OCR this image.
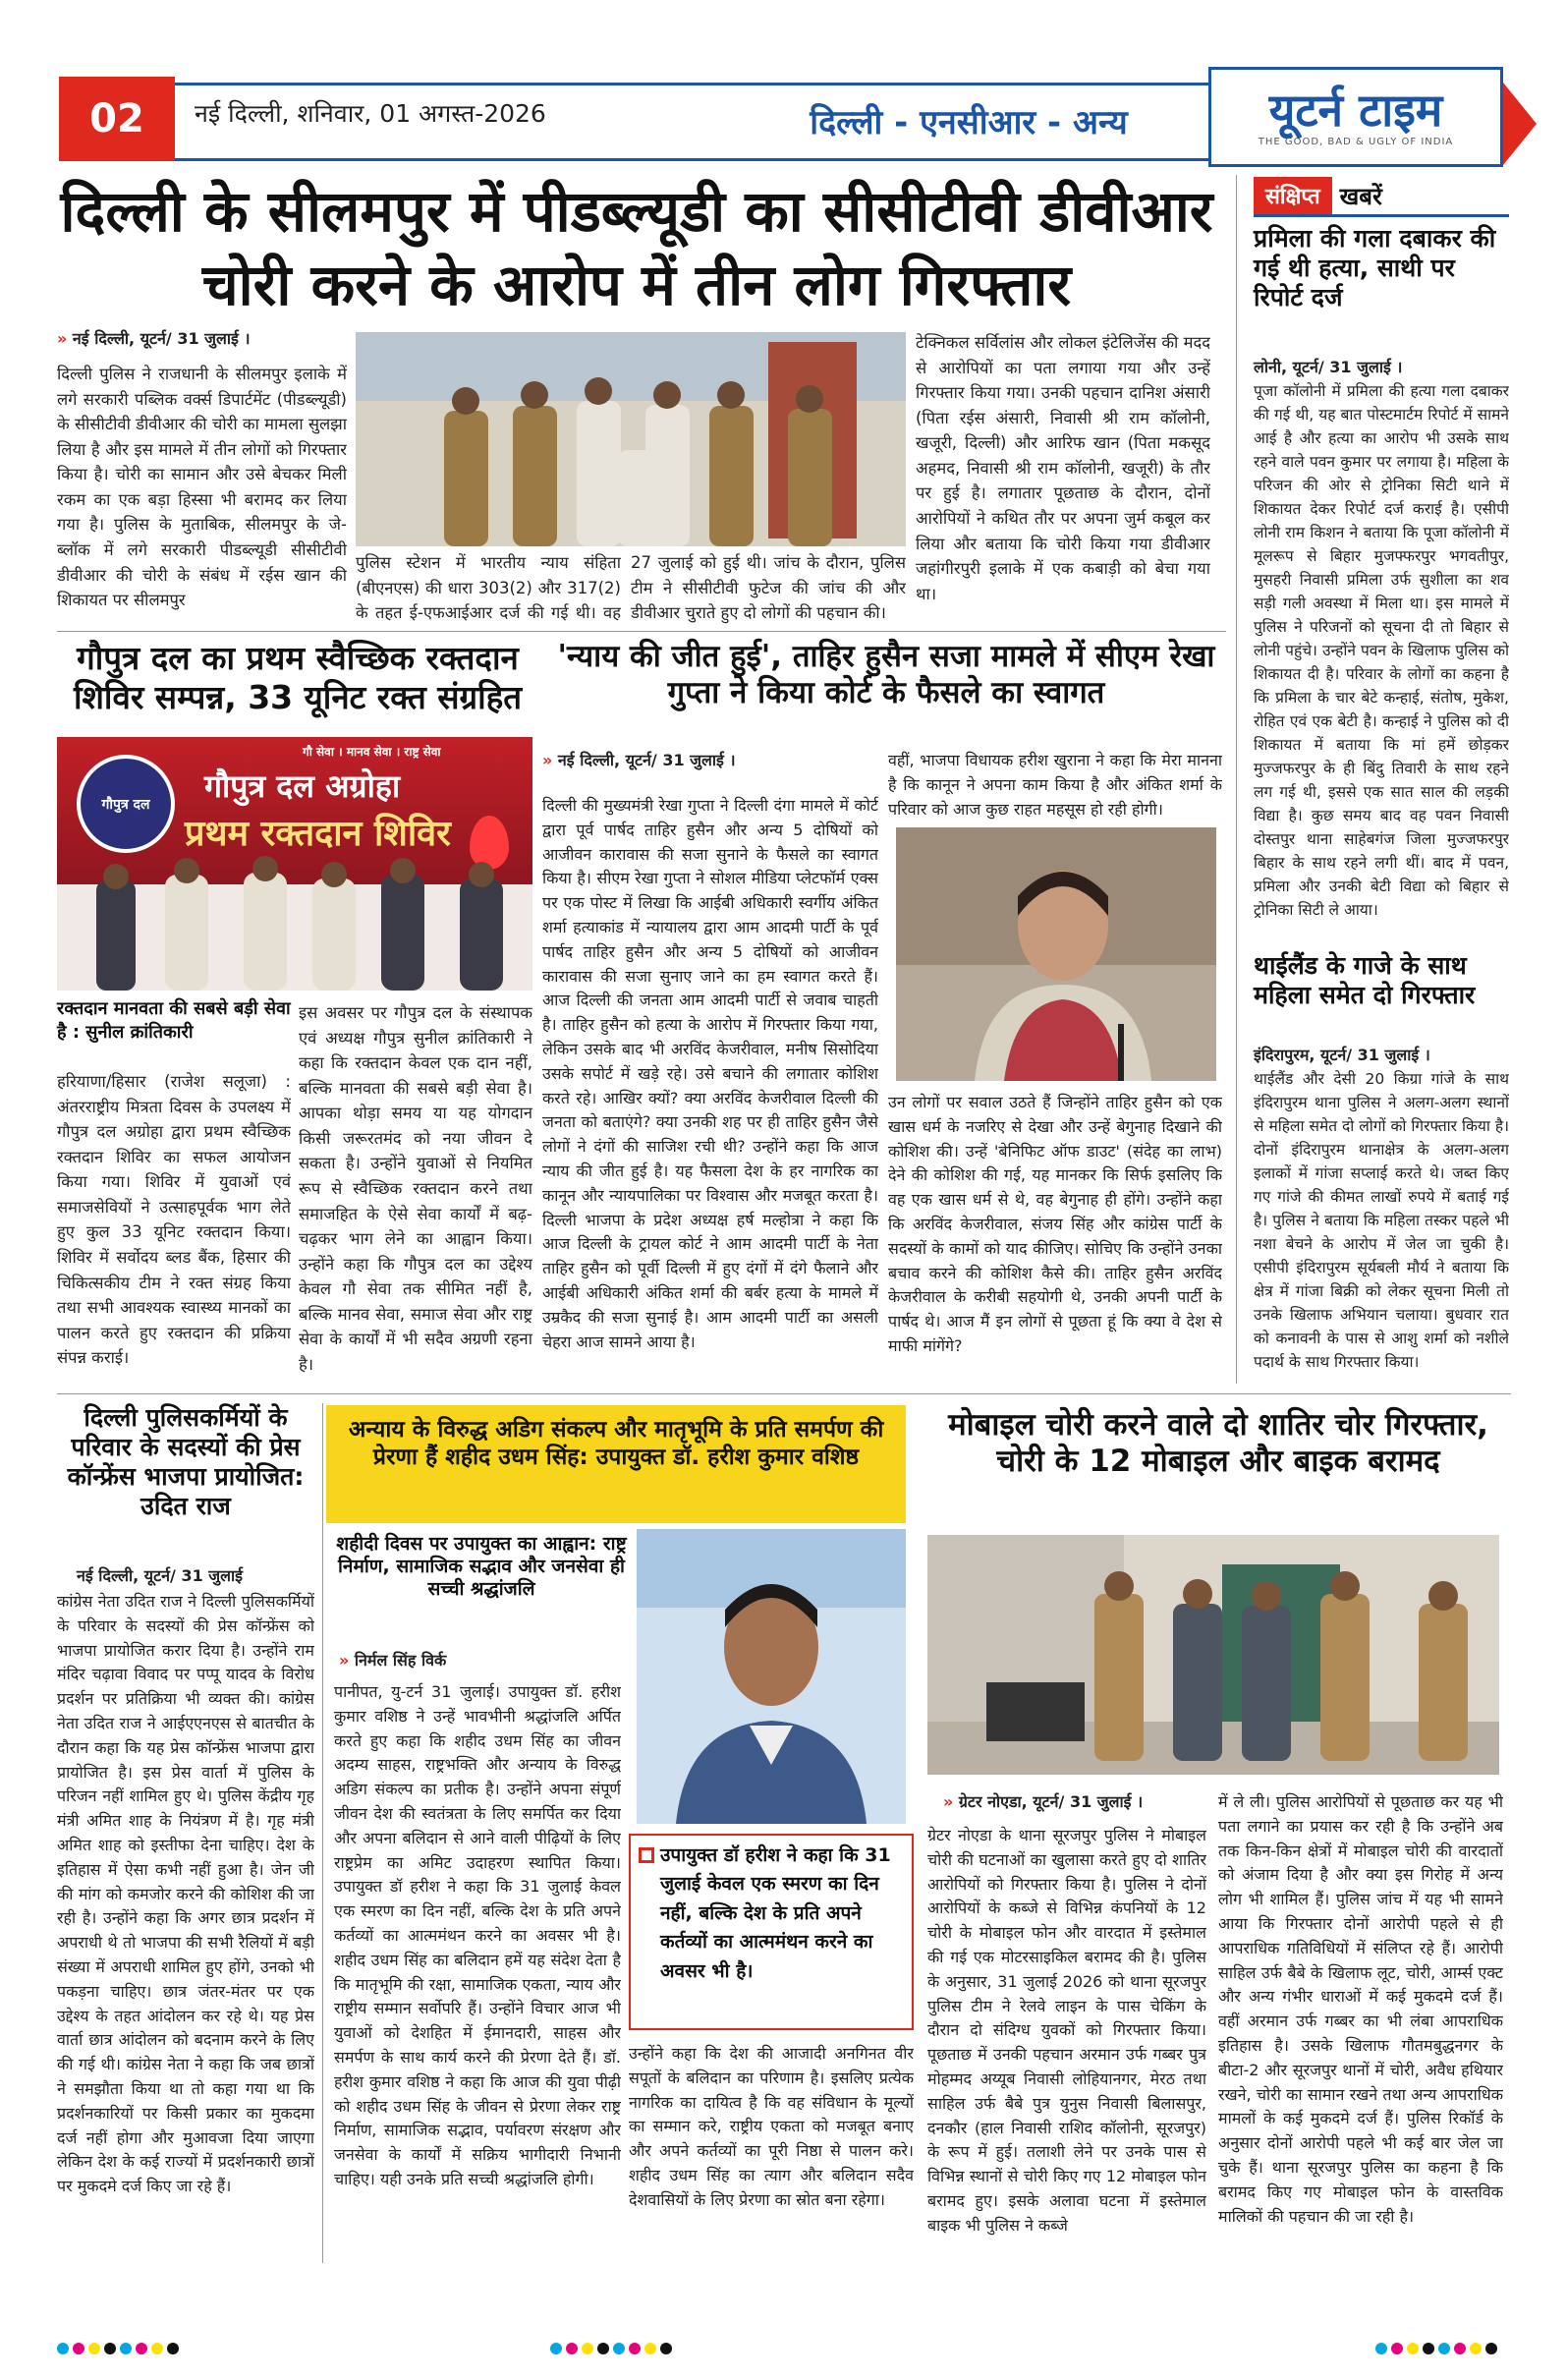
02	नई दिल्ली, शनिवार, 01 अगस्त-2026	दिल्ली - एनसीआर - अन्य	यूटर्न टाइम
THE GOOD, BAD & UGLY OF INDIA
दिल्ली के सीलमपुर में पीडब्ल्यूडी का सीसीटीवी डीवीआर चोरी करने के आरोप में तीन लोग गिरफ्तार
» नई दिल्ली, यूटर्न/ 31 जुलाई ।
दिल्ली पुलिस ने राजधानी के सीलमपुर इलाके में लगे सरकारी पब्लिक वर्क्स डिपार्टमेंट (पीडब्ल्यूडी) के सीसीटीवी डीवीआर की चोरी का मामला सुलझा लिया है और इस मामले में तीन लोगों को गिरफ्तार किया है। चोरी का सामान और उसे बेचकर मिली रकम का एक बड़ा हिस्सा भी बरामद कर लिया गया है। पुलिस के मुताबिक, सीलमपुर के जे-ब्लॉक में लगे सरकारी पीडब्ल्यूडी सीसीटीवी डीवीआर की चोरी के संबंध में रईस खान की शिकायत पर सीलमपुर
पुलिस स्टेशन में भारतीय न्याय संहिता (बीएनएस) की धारा 303(2) और 317(2) के तहत ई-एफआईआर दर्ज की गई थी। वह
27 जुलाई को हुई थी। जांच के दौरान, पुलिस टीम ने सीसीटीवी फुटेज की जांच की और डीवीआर चुराते हुए दो लोगों की पहचान की।
टेक्निकल सर्विलांस और लोकल इंटेलिजेंस की मदद से आरोपियों का पता लगाया गया और उन्हें गिरफ्तार किया गया। उनकी पहचान दानिश अंसारी (पिता रईस अंसारी, निवासी श्री राम कॉलोनी, खजूरी, दिल्ली) और आरिफ खान (पिता मकसूद अहमद, निवासी श्री राम कॉलोनी, खजूरी) के तौर पर हुई है। लगातार पूछताछ के दौरान, दोनों आरोपियों ने कथित तौर पर अपना जुर्म कबूल कर लिया और बताया कि चोरी किया गया डीवीआर जहांगीरपुरी इलाके में एक कबाड़ी को बेचा गया था।
संक्षिप्त खबरें
प्रमिला की गला दबाकर की गई थी हत्या, साथी पर रिपोर्ट दर्ज
लोनी, यूटर्न/ 31 जुलाई ।
पूजा कॉलोनी में प्रमिला की हत्या गला दबाकर की गई थी, यह बात पोस्टमार्टम रिपोर्ट में सामने आई है और हत्या का आरोप भी उसके साथ रहने वाले पवन कुमार पर लगाया है। महिला के परिजन की ओर से ट्रोनिका सिटी थाने में शिकायत देकर रिपोर्ट दर्ज कराई है। एसीपी लोनी राम किशन ने बताया कि पूजा कॉलोनी में मूलरूप से बिहार मुजफ्फरपुर भगवतीपुर, मुसहरी निवासी प्रमिला उर्फ सुशीला का शव सड़ी गली अवस्था में मिला था। इस मामले में पुलिस ने परिजनों को सूचना दी तो बिहार से लोनी पहुंचे। उन्होंने पवन के खिलाफ पुलिस को शिकायत दी है। परिवार के लोगों का कहना है कि प्रमिला के चार बेटे कन्हाई, संतोष, मुकेश, रोहित एवं एक बेटी है। कन्हाई ने पुलिस को दी शिकायत में बताया कि मां हमें छोड़कर मुज्जफरपुर के ही बिंदु तिवारी के साथ रहने लग गई थी, इससे एक सात साल की लड़की विद्या है। कुछ समय बाद वह पवन निवासी दोस्तपुर थाना साहेबगंज जिला मुज्जफरपुर बिहार के साथ रहने लगी थीं। बाद में पवन, प्रमिला और उनकी बेटी विद्या को बिहार से ट्रोनिका सिटी ले आया।
थाईलैंड के गाजे के साथ महिला समेत दो गिरफ्तार
इंदिरापुरम, यूटर्न/ 31 जुलाई ।
थाईलैंड और देसी 20 किग्रा गांजे के साथ इंदिरापुरम थाना पुलिस ने अलग-अलग स्थानों से महिला समेत दो लोगों को गिरफ्तार किया है। दोनों इंदिरापुरम थानाक्षेत्र के अलग-अलग इलाकों में गांजा सप्लाई करते थे। जब्त किए गए गांजे की कीमत लाखों रुपये में बताई गई है। पुलिस ने बताया कि महिला तस्कर पहले भी नशा बेचने के आरोप में जेल जा चुकी है। एसीपी इंदिरापुरम सूर्यबली मौर्य ने बताया कि क्षेत्र में गांजा बिक्री को लेकर सूचना मिली तो उनके खिलाफ अभियान चलाया। बुधवार रात को कनावनी के पास से आशु शर्मा को नशीले पदार्थ के साथ गिरफ्तार किया।
गौपुत्र दल का प्रथम स्वैच्छिक रक्तदान शिविर सम्पन्न, 33 यूनिट रक्त संग्रहित
गौपुत्र दल
गौ सेवा । मानव सेवा । राष्ट्र सेवा
गौपुत्र दल अग्रोहा
प्रथम रक्तदान शिविर
रक्तदान मानवता की सबसे बड़ी सेवा है : सुनील क्रांतिकारी
हरियाणा/हिसार (राजेश सलूजा) : अंतरराष्ट्रीय मित्रता दिवस के उपलक्ष्य में गौपुत्र दल अग्रोहा द्वारा प्रथम स्वैच्छिक रक्तदान शिविर का सफल आयोजन किया गया। शिविर में युवाओं एवं समाजसेवियों ने उत्साहपूर्वक भाग लेते हुए कुल 33 यूनिट रक्तदान किया। शिविर में सर्वोदय ब्लड बैंक, हिसार की चिकित्सकीय टीम ने रक्त संग्रह किया तथा सभी आवश्यक स्वास्थ्य मानकों का पालन करते हुए रक्तदान की प्रक्रिया संपन्न कराई।
इस अवसर पर गौपुत्र दल के संस्थापक एवं अध्यक्ष गौपुत्र सुनील क्रांतिकारी ने कहा कि रक्तदान केवल एक दान नहीं, बल्कि मानवता की सबसे बड़ी सेवा है। आपका थोड़ा समय या यह योगदान किसी जरूरतमंद को नया जीवन दे सकता है। उन्होंने युवाओं से नियमित रूप से स्वैच्छिक रक्तदान करने तथा समाजहित के ऐसे सेवा कार्यों में बढ़-चढ़कर भाग लेने का आह्वान किया। उन्होंने कहा कि गौपुत्र दल का उद्देश्य केवल गौ सेवा तक सीमित नहीं है, बल्कि मानव सेवा, समाज सेवा और राष्ट्र सेवा के कार्यों में भी सदैव अग्रणी रहना है।
'न्याय की जीत हुई', ताहिर हुसैन सजा मामले में सीएम रेखा गुप्ता ने किया कोर्ट के फैसले का स्वागत
» नई दिल्ली, यूटर्न/ 31 जुलाई ।
दिल्ली की मुख्यमंत्री रेखा गुप्ता ने दिल्ली दंगा मामले में कोर्ट द्वारा पूर्व पार्षद ताहिर हुसैन और अन्य 5 दोषियों को आजीवन कारावास की सजा सुनाने के फैसले का स्वागत किया है। सीएम रेखा गुप्ता ने सोशल मीडिया प्लेटफॉर्म एक्स पर एक पोस्ट में लिखा कि आईबी अधिकारी स्वर्गीय अंकित शर्मा हत्याकांड में न्यायालय द्वारा आम आदमी पार्टी के पूर्व पार्षद ताहिर हुसैन और अन्य 5 दोषियों को आजीवन कारावास की सजा सुनाए जाने का हम स्वागत करते हैं। आज दिल्ली की जनता आम आदमी पार्टी से जवाब चाहती है। ताहिर हुसैन को हत्या के आरोप में गिरफ्तार किया गया, लेकिन उसके बाद भी अरविंद केजरीवाल, मनीष सिसोदिया उसके सपोर्ट में खड़े रहे। उसे बचाने की लगातार कोशिश करते रहे। आखिर क्यों? क्या अरविंद केजरीवाल दिल्ली की जनता को बताएंगे? क्या उनकी शह पर ही ताहिर हुसैन जैसे लोगों ने दंगों की साजिश रची थी? उन्होंने कहा कि आज न्याय की जीत हुई है। यह फैसला देश के हर नागरिक का कानून और न्यायपालिका पर विश्वास और मजबूत करता है। दिल्ली भाजपा के प्रदेश अध्यक्ष हर्ष मल्होत्रा ने कहा कि आज दिल्ली के ट्रायल कोर्ट ने आम आदमी पार्टी के नेता ताहिर हुसैन को पूर्वी दिल्ली में हुए दंगों में दंगे फैलाने और आईबी अधिकारी अंकित शर्मा की बर्बर हत्या के मामले में उम्रकैद की सजा सुनाई है। आम आदमी पार्टी का असली चेहरा आज सामने आया है।
वहीं, भाजपा विधायक हरीश खुराना ने कहा कि मेरा मानना है कि कानून ने अपना काम किया है और अंकित शर्मा के परिवार को आज कुछ राहत महसूस हो रही होगी।
उन लोगों पर सवाल उठते हैं जिन्होंने ताहिर हुसैन को एक खास धर्म के नजरिए से देखा और उन्हें बेगुनाह दिखाने की कोशिश की। उन्हें 'बेनिफिट ऑफ डाउट' (संदेह का लाभ) देने की कोशिश की गई, यह मानकर कि सिर्फ इसलिए कि वह एक खास धर्म से थे, वह बेगुनाह ही होंगे। उन्होंने कहा कि अरविंद केजरीवाल, संजय सिंह और कांग्रेस पार्टी के सदस्यों के कामों को याद कीजिए। सोचिए कि उन्होंने उनका बचाव करने की कोशिश कैसे की। ताहिर हुसैन अरविंद केजरीवाल के करीबी सहयोगी थे, उनकी अपनी पार्टी के पार्षद थे। आज मैं इन लोगों से पूछता हूं कि क्या वे देश से माफी मांगेंगे?
दिल्ली पुलिसकर्मियों के परिवार के सदस्यों की प्रेस कॉन्फ्रेंस भाजपा प्रायोजित: उदित राज
नई दिल्ली, यूटर्न/ 31 जुलाई
कांग्रेस नेता उदित राज ने दिल्ली पुलिसकर्मियों के परिवार के सदस्यों की प्रेस कॉन्फ्रेंस को भाजपा प्रायोजित करार दिया है। उन्होंने राम मंदिर चढ़ावा विवाद पर पप्पू यादव के विरोध प्रदर्शन पर प्रतिक्रिया भी व्यक्त की। कांग्रेस नेता उदित राज ने आईएएनएस से बातचीत के दौरान कहा कि यह प्रेस कॉन्फ्रेंस भाजपा द्वारा प्रायोजित है। इस प्रेस वार्ता में पुलिस के परिजन नहीं शामिल हुए थे। पुलिस केंद्रीय गृह मंत्री अमित शाह के नियंत्रण में है। गृह मंत्री अमित शाह को इस्तीफा देना चाहिए। देश के इतिहास में ऐसा कभी नहीं हुआ है। जेन जी की मांग को कमजोर करने की कोशिश की जा रही है। उन्होंने कहा कि अगर छात्र प्रदर्शन में अपराधी थे तो भाजपा की सभी रैलियों में बड़ी संख्या में अपराधी शामिल हुए होंगे, उनको भी पकड़ना चाहिए। छात्र जंतर-मंतर पर एक उद्देश्य के तहत आंदोलन कर रहे थे। यह प्रेस वार्ता छात्र आंदोलन को बदनाम करने के लिए की गई थी। कांग्रेस नेता ने कहा कि जब छात्रों ने समझौता किया था तो कहा गया था कि प्रदर्शनकारियों पर किसी प्रकार का मुकदमा दर्ज नहीं होगा और मुआवजा दिया जाएगा लेकिन देश के कई राज्यों में प्रदर्शनकारी छात्रों पर मुकदमे दर्ज किए जा रहे हैं।
अन्याय के विरुद्ध अडिग संकल्प और मातृभूमि के प्रति समर्पण की प्रेरणा हैं शहीद उधम सिंह: उपायुक्त डॉ. हरीश कुमार वशिष्ठ
शहीदी दिवस पर उपायुक्त का आह्वान: राष्ट्र निर्माण, सामाजिक सद्भाव और जनसेवा ही सच्ची श्रद्धांजलि
» निर्मल सिंह विर्क
पानीपत, यु-टर्न 31 जुलाई। उपायुक्त डॉ. हरीश कुमार वशिष्ठ ने उन्हें भावभीनी श्रद्धांजलि अर्पित करते हुए कहा कि शहीद उधम सिंह का जीवन अदम्य साहस, राष्ट्रभक्ति और अन्याय के विरुद्ध अडिग संकल्प का प्रतीक है। उन्होंने अपना संपूर्ण जीवन देश की स्वतंत्रता के लिए समर्पित कर दिया और अपना बलिदान से आने वाली पीढ़ियों के लिए राष्ट्रप्रेम का अमिट उदाहरण स्थापित किया। उपायुक्त डॉ हरीश ने कहा कि 31 जुलाई केवल एक स्मरण का दिन नहीं, बल्कि देश के प्रति अपने कर्तव्यों का आत्ममंथन करने का अवसर भी है। शहीद उधम सिंह का बलिदान हमें यह संदेश देता है कि मातृभूमि की रक्षा, सामाजिक एकता, न्याय और राष्ट्रीय सम्मान सर्वोपरि हैं। उन्होंने विचार आज भी युवाओं को देशहित में ईमानदारी, साहस और समर्पण के साथ कार्य करने की प्रेरणा देते हैं। डॉ. हरीश कुमार वशिष्ठ ने कहा कि आज की युवा पीढ़ी को शहीद उधम सिंह के जीवन से प्रेरणा लेकर राष्ट्र निर्माण, सामाजिक सद्भाव, पर्यावरण संरक्षण और जनसेवा के कार्यों में सक्रिय भागीदारी निभानी चाहिए। यही उनके प्रति सच्ची श्रद्धांजलि होगी।
उपायुक्त डॉ हरीश ने कहा कि 31 जुलाई केवल एक स्मरण का दिन नहीं, बल्कि देश के प्रति अपने कर्तव्यों का आत्ममंथन करने का अवसर भी है।
उन्होंने कहा कि देश की आजादी अनगिनत वीर सपूतों के बलिदान का परिणाम है। इसलिए प्रत्येक नागरिक का दायित्व है कि वह संविधान के मूल्यों का सम्मान करे, राष्ट्रीय एकता को मजबूत बनाए और अपने कर्तव्यों का पूरी निष्ठा से पालन करे। शहीद उधम सिंह का त्याग और बलिदान सदैव देशवासियों के लिए प्रेरणा का स्रोत बना रहेगा।
मोबाइल चोरी करने वाले दो शातिर चोर गिरफ्तार, चोरी के 12 मोबाइल और बाइक बरामद
» ग्रेटर नोएडा, यूटर्न/ 31 जुलाई ।
ग्रेटर नोएडा के थाना सूरजपुर पुलिस ने मोबाइल चोरी की घटनाओं का खुलासा करते हुए दो शातिर आरोपियों को गिरफ्तार किया है। पुलिस ने दोनों आरोपियों के कब्जे से विभिन्न कंपनियों के 12 चोरी के मोबाइल फोन और वारदात में इस्तेमाल की गई एक मोटरसाइकिल बरामद की है। पुलिस के अनुसार, 31 जुलाई 2026 को थाना सूरजपुर पुलिस टीम ने रेलवे लाइन के पास चेकिंग के दौरान दो संदिग्ध युवकों को गिरफ्तार किया। पूछताछ में उनकी पहचान अरमान उर्फ गब्बर पुत्र मोहम्मद अय्यूब निवासी लोहियानगर, मेरठ तथा साहिल उर्फ बैबे पुत्र युनुस निवासी बिलासपुर, दनकौर (हाल निवासी राशिद कॉलोनी, सूरजपुर) के रूप में हुई। तलाशी लेने पर उनके पास से विभिन्न स्थानों से चोरी किए गए 12 मोबाइल फोन बरामद हुए। इसके अलावा घटना में इस्तेमाल बाइक भी पुलिस ने कब्जे
में ले ली। पुलिस आरोपियों से पूछताछ कर यह भी पता लगाने का प्रयास कर रही है कि उन्होंने अब तक किन-किन क्षेत्रों में मोबाइल चोरी की वारदातों को अंजाम दिया है और क्या इस गिरोह में अन्य लोग भी शामिल हैं। पुलिस जांच में यह भी सामने आया कि गिरफ्तार दोनों आरोपी पहले से ही आपराधिक गतिविधियों में संलिप्त रहे हैं। आरोपी साहिल उर्फ बैबे के खिलाफ लूट, चोरी, आर्म्स एक्ट और अन्य गंभीर धाराओं में कई मुकदमे दर्ज हैं। वहीं अरमान उर्फ गब्बर का भी लंबा आपराधिक इतिहास है। उसके खिलाफ गौतमबुद्धनगर के बीटा-2 और सूरजपुर थानों में चोरी, अवैध हथियार रखने, चोरी का सामान रखने तथा अन्य आपराधिक मामलों के कई मुकदमे दर्ज हैं। पुलिस रिकॉर्ड के अनुसार दोनों आरोपी पहले भी कई बार जेल जा चुके हैं। थाना सूरजपुर पुलिस का कहना है कि बरामद किए गए मोबाइल फोन के वास्तविक मालिकों की पहचान की जा रही है।
